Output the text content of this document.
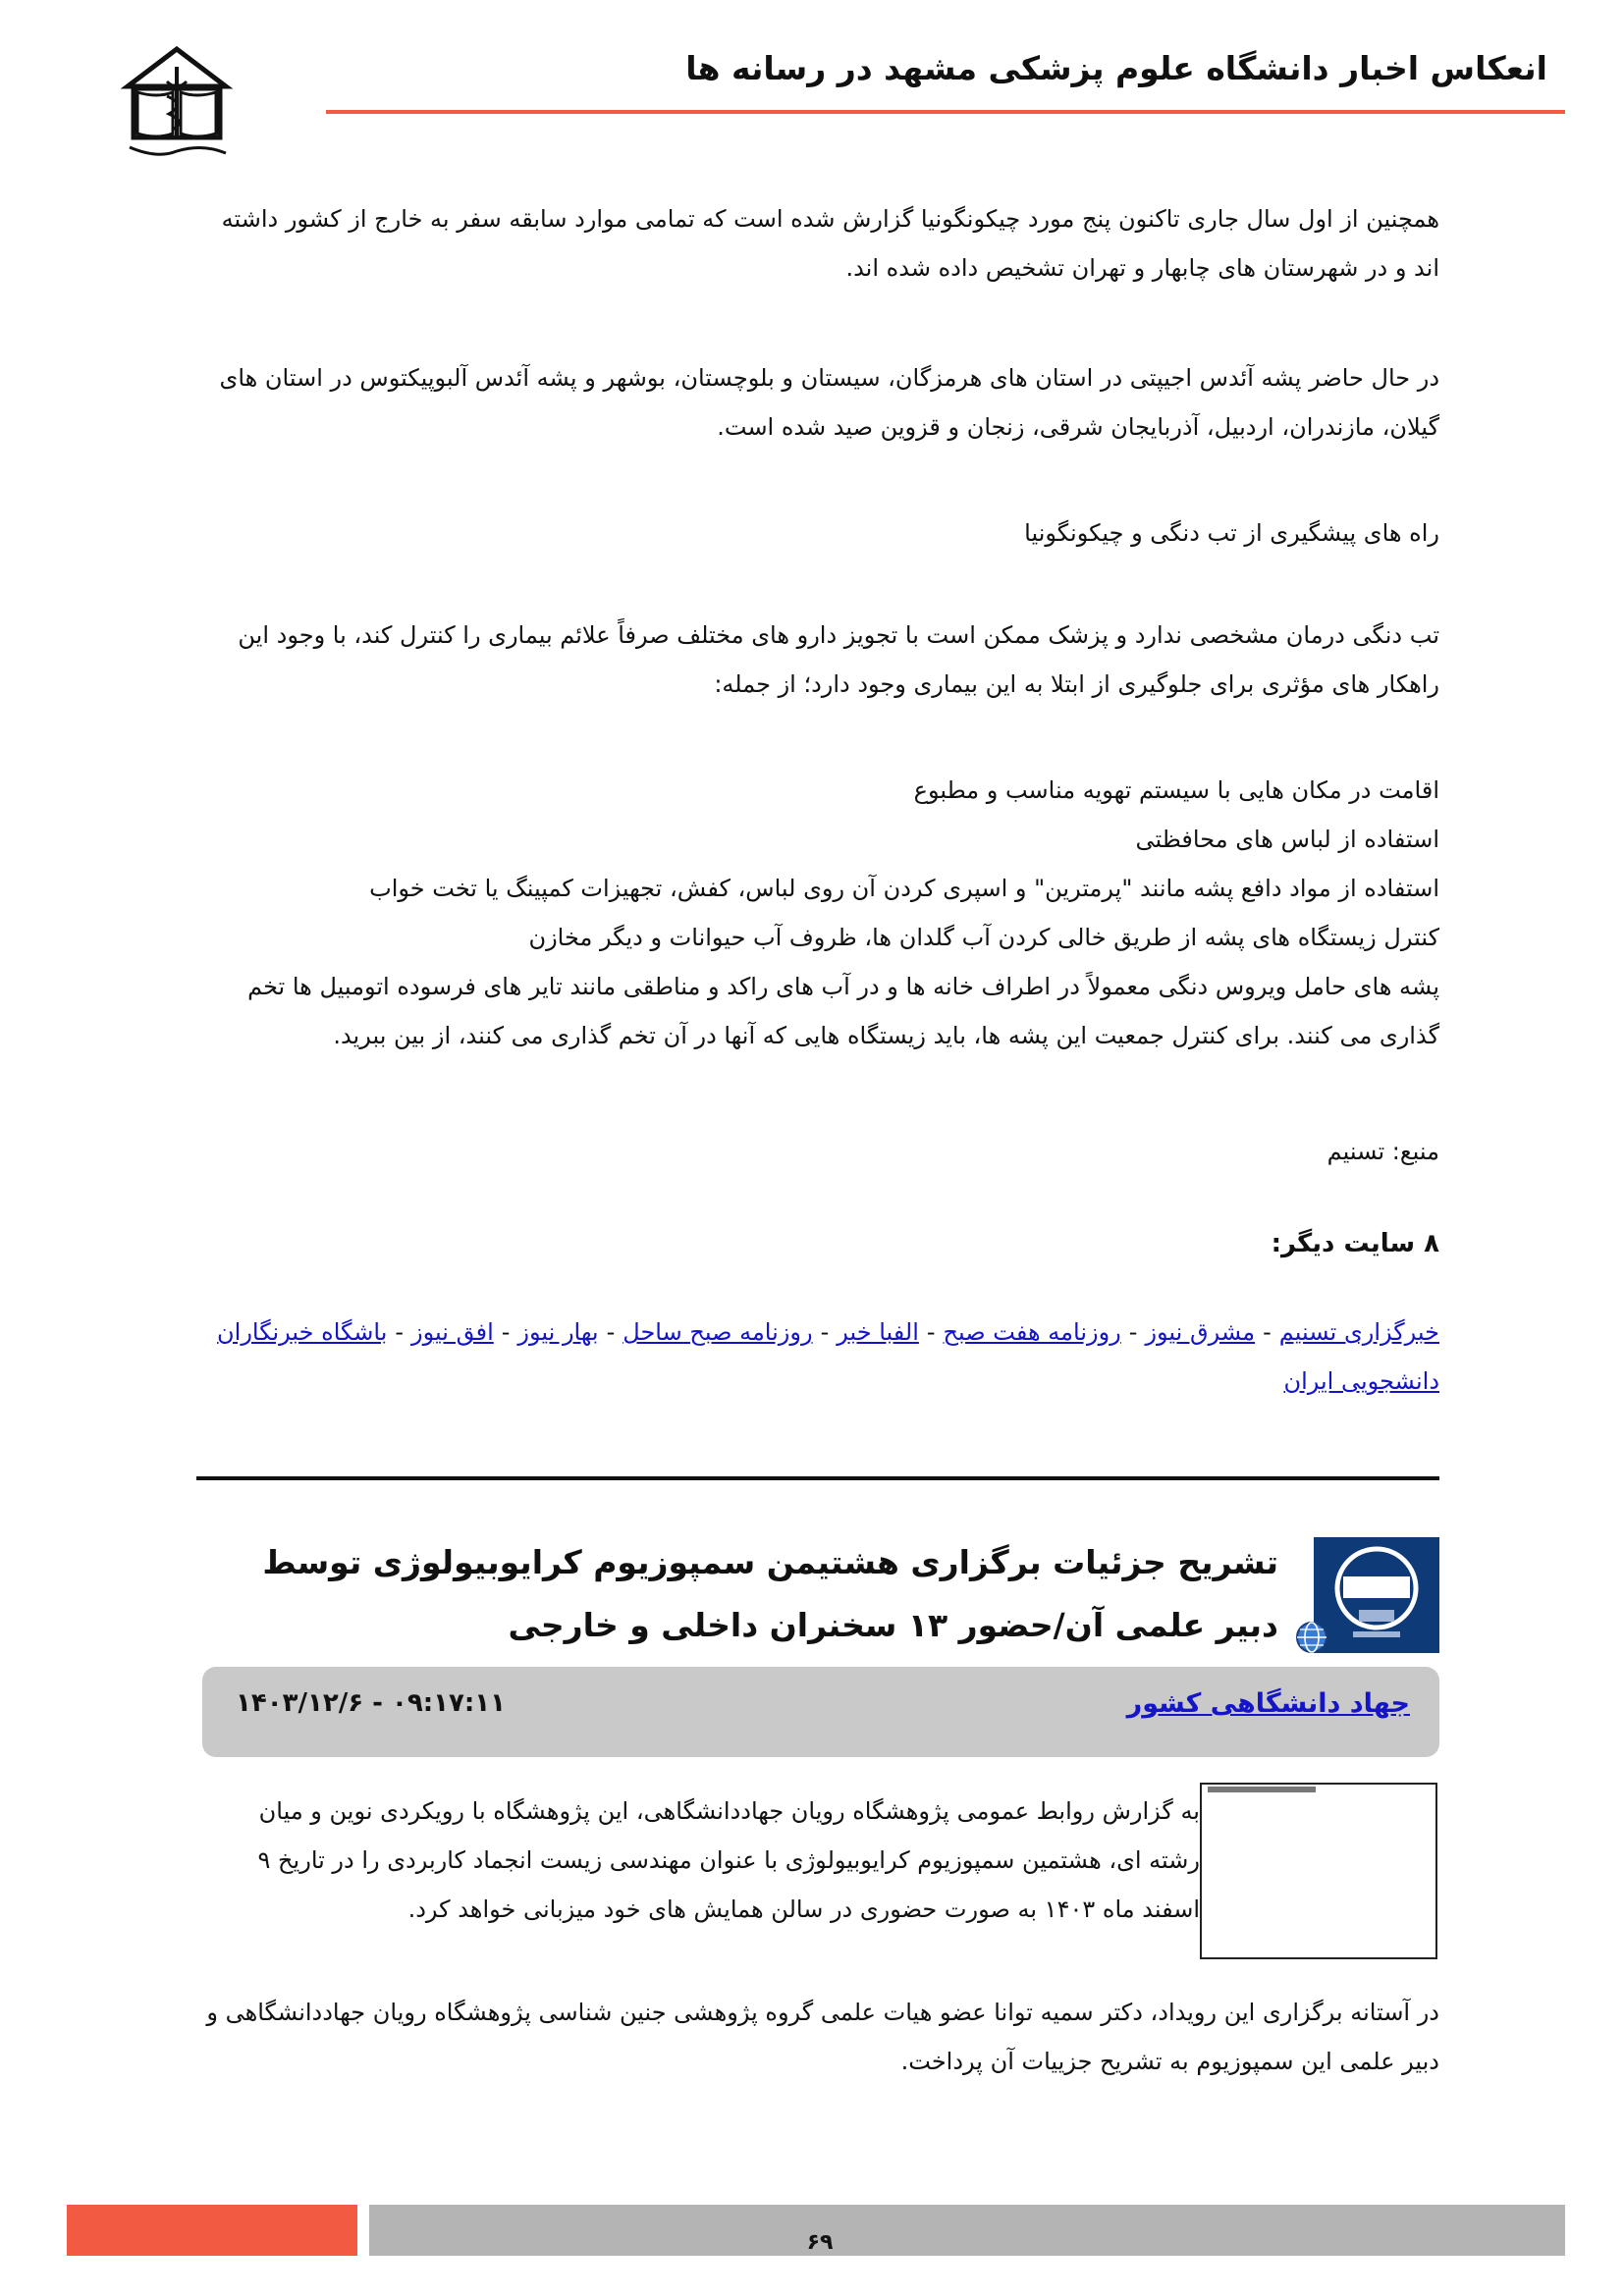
انعکاس اخبار دانشگاه علوم پزشکی مشهد در رسانه ها
همچنین از اول سال جاری تاکنون پنج مورد چیکونگونیا گزارش شده است که تمامی موارد سابقه سفر به خارج از کشور داشته اند و در شهرستان های چابهار و تهران تشخیص داده شده اند.
در حال حاضر پشه آئدس اجیپتی در استان های هرمزگان، سیستان و بلوچستان، بوشهر و پشه آئدس آلبوپیکتوس در استان های گیلان، مازندران، اردبیل، آذربایجان شرقی، زنجان و قزوین صید شده است.
راه های پیشگیری از تب دنگی و چیکونگونیا
تب دنگی درمان مشخصی ندارد و پزشک ممکن است با تجویز دارو های مختلف صرفاً علائم بیماری را کنترل کند، با وجود این راهکار های مؤثری برای جلوگیری از ابتلا به این بیماری وجود دارد؛ از جمله:

اقامت در مکان هایی با سیستم تهویه مناسب و مطبوع

استفاده از لباس های محافظتی

استفاده از مواد دافع پشه مانند "پرمترین" و اسپری کردن آن روی لباس، کفش، تجهیزات کمپینگ یا تخت خواب

کنترل زیستگاه های پشه از طریق خالی کردن آب گلدان ها، ظروف آب حیوانات و دیگر مخازن

پشه های حامل ویروس دنگی معمولاً در اطراف خانه ها و در آب های راکد و مناطقی مانند تایر های فرسوده اتومبیل ها تخم گذاری می کنند. برای کنترل جمعیت این پشه ها، باید زیستگاه هایی که آنها در آن تخم گذاری می کنند، از بین ببرید.

منبع: تسنیم
۸ سایت دیگر:
خبرگزاری تسنیم-مشرق نیوز-روزنامه هفت صبح-الفبا خبر-روزنامه صبح ساحل-بهار نیوز-افق نیوز-باشگاه خبرنگاران دانشجویی ایران
تشریح جزئیات برگزاری هشتیمن سمپوزیوم کرایوبیولوژی توسط دبیر علمی آن/حضور ۱۳ سخنران داخلی و خارجی
جهاد دانشگاهی کشور
۱۴۰۳/۱۲/۶ - ۰۹:۱۷:۱۱
به گزارش روابط عمومی پژوهشگاه رویان جهاددانشگاهی، این پژوهشگاه با رویکردی نوین و میان رشته ای، هشتمین سمپوزیوم کرایوبیولوژی با عنوان مهندسی زیست انجماد کاربردی را در تاریخ ۹ اسفند ماه ۱۴۰۳ به صورت حضوری در سالن همایش های خود میزبانی خواهد کرد.
در آستانه برگزاری این رویداد، دکتر سمیه توانا عضو هیات علمی گروه پژوهشی جنین شناسی پژوهشگاه رویان جهاددانشگاهی و دبیر علمی این سمپوزیوم به تشریح جزییات آن پرداخت.
۶۹
